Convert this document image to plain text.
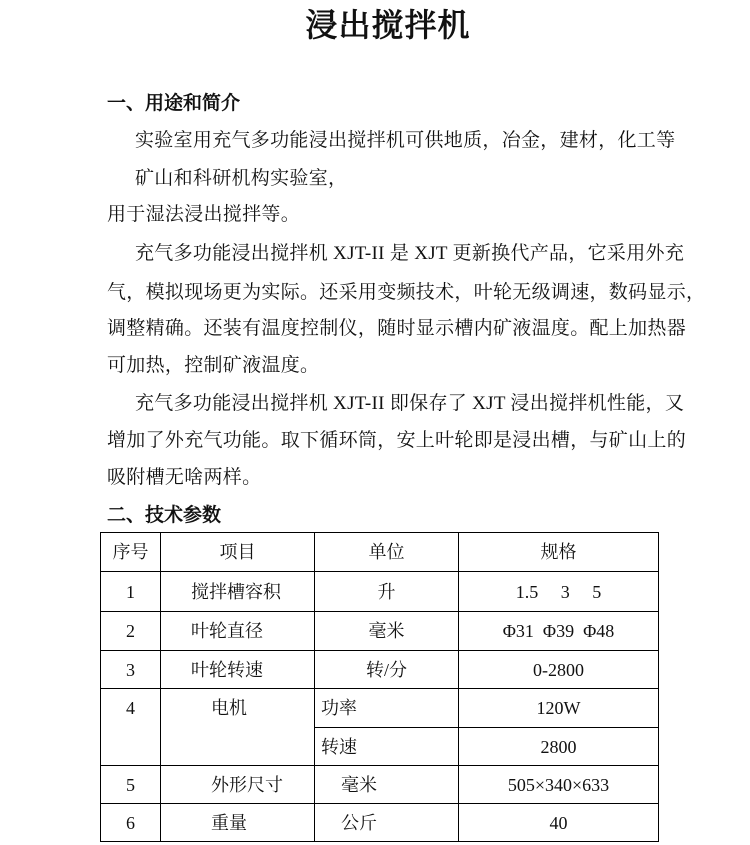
浸出搅拌机
一、用途和简介
实验室用充气多功能浸出搅拌机可供地质，冶金，建材，化工等
矿山和科研机构实验室，
用于湿法浸出搅拌等。
充气多功能浸出搅拌机 XJT-II 是 XJT 更新换代产品，它采用外充
气，模拟现场更为实际。还采用变频技术，叶轮无级调速，数码显示，
调整精确。还装有温度控制仪，随时显示槽内矿液温度。配上加热器
可加热，控制矿液温度。
充气多功能浸出搅拌机 XJT-II 即保存了 XJT 浸出搅拌机性能，又
增加了外充气功能。取下循环筒，安上叶轮即是浸出槽，与矿山上的
吸附槽无啥两样。
二、技术参数
序号	项目	单位	规格
1	搅拌槽容积	升	1.5     3     5
2	叶轮直径	毫米	Φ31  Φ39  Φ48
3	叶轮转速	转/分	0-2800
4	电机	功率	120W
		转速	2800
5	外形尺寸	毫米	505×340×633
6	重量	公斤	40
